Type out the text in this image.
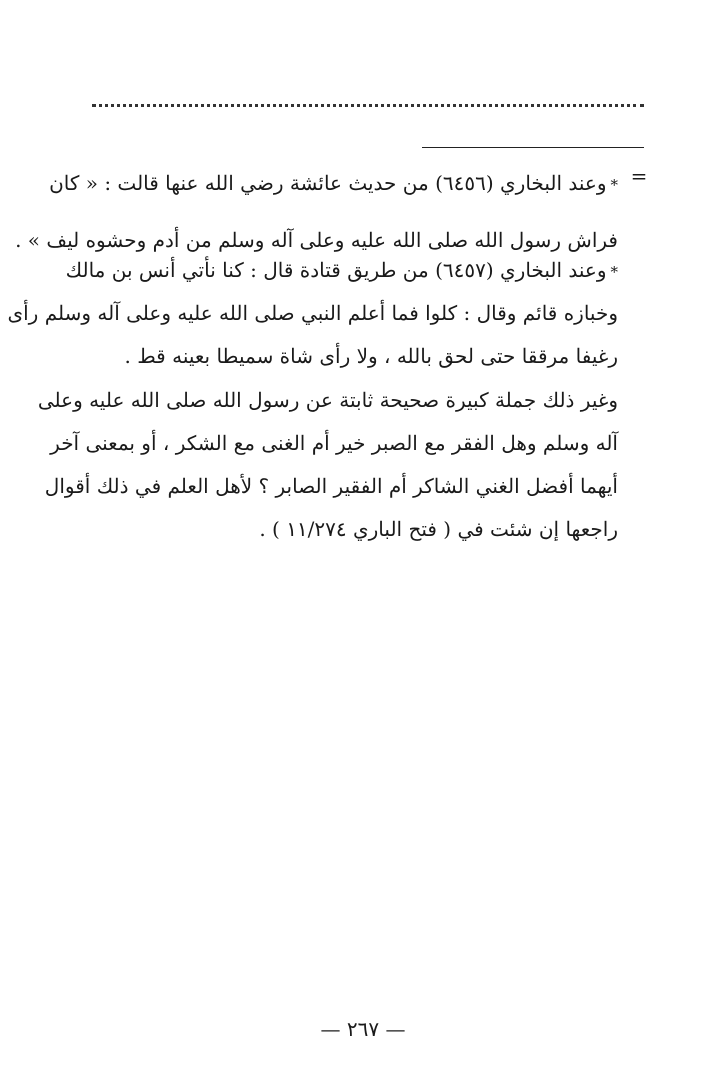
=
*وعند البخاري (٦٤٥٦) من حديث عائشة رضي الله عنها قالت : « كان
فراش رسول الله صلى الله عليه وعلى آله وسلم من أدم وحشوه ليف » .
*وعند البخاري (٦٤٥٧) من طريق قتادة قال : كنا نأتي أنس بن مالك
وخبازه قائم وقال : كلوا فما أعلم النبي صلى الله عليه وعلى آله وسلم رأى
رغيفا مرققا حتى لحق بالله ، ولا رأى شاة سميطا بعينه قط .
وغير ذلك جملة كبيرة صحيحة ثابتة عن رسول الله صلى الله عليه وعلى
آله وسلم وهل الفقر مع الصبر خير أم الغنى مع الشكر ، أو بمعنى آخر
أيهما أفضل الغني الشاكر أم الفقير الصابر ؟ لأهل العلم في ذلك أقوال
راجعها إن شئت في ( فتح الباري ١١/٢٧٤ ) .
— ٢٦٧ —
